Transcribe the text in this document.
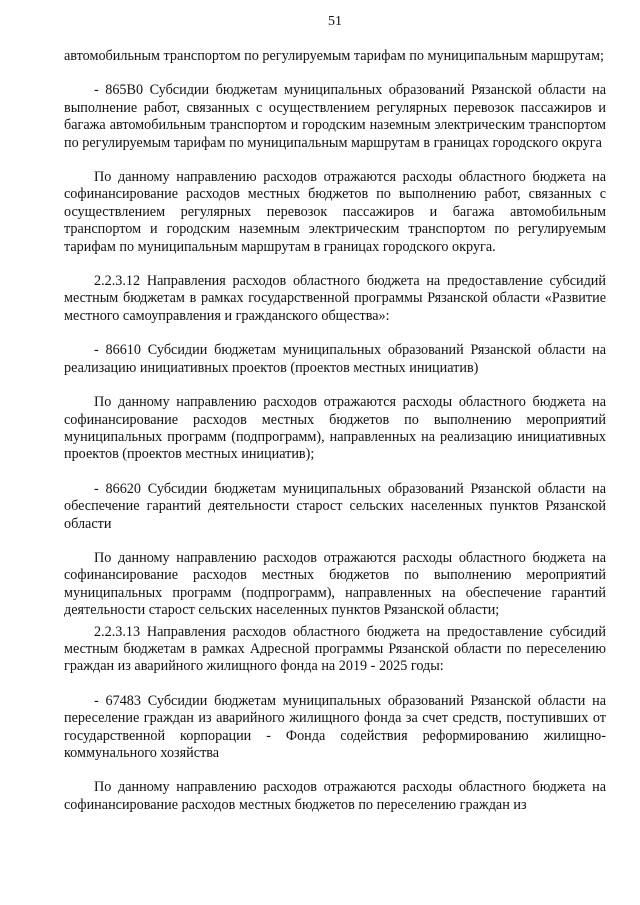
51

автомобильным транспортом по регулируемым тарифам по муниципальным маршрутам;

- 865В0 Субсидии бюджетам муниципальных образований Рязанской области на выполнение работ, связанных с осуществлением регулярных перевозок пассажиров и багажа автомобильным транспортом и городским наземным электрическим транспортом по регулируемым тарифам по муниципальным маршрутам в границах городского округа

По данному направлению расходов отражаются расходы областного бюджета на софинансирование расходов местных бюджетов по выполнению работ, связанных с осуществлением регулярных перевозок пассажиров и багажа автомобильным транспортом и городским наземным электрическим транспортом по регулируемым тарифам по муниципальным маршрутам в границах городского округа.

2.2.3.12 Направления расходов областного бюджета на предоставление субсидий местным бюджетам в рамках государственной программы Рязанской области «Развитие местного самоуправления и гражданского общества»:

- 86610 Субсидии бюджетам муниципальных образований Рязанской области на реализацию инициативных проектов (проектов местных инициатив)

По данному направлению расходов отражаются расходы областного бюджета на софинансирование расходов местных бюджетов по выполнению мероприятий муниципальных программ (подпрограмм), направленных на реализацию инициативных проектов (проектов местных инициатив);

- 86620 Субсидии бюджетам муниципальных образований Рязанской области на обеспечение гарантий деятельности старост сельских населенных пунктов Рязанской области

По данному направлению расходов отражаются расходы областного бюджета на софинансирование расходов местных бюджетов по выполнению мероприятий муниципальных программ (подпрограмм), направленных на обеспечение гарантий деятельности старост сельских населенных пунктов Рязанской области;

2.2.3.13 Направления расходов областного бюджета на предоставление субсидий местным бюджетам в рамках Адресной программы Рязанской области по переселению граждан из аварийного жилищного фонда на 2019 - 2025 годы:

- 67483 Субсидии бюджетам муниципальных образований Рязанской области на переселение граждан из аварийного жилищного фонда за счет средств, поступивших от государственной корпорации - Фонда содействия реформированию жилищно-коммунального хозяйства

По данному направлению расходов отражаются расходы областного бюджета на софинансирование расходов местных бюджетов по переселению граждан из
